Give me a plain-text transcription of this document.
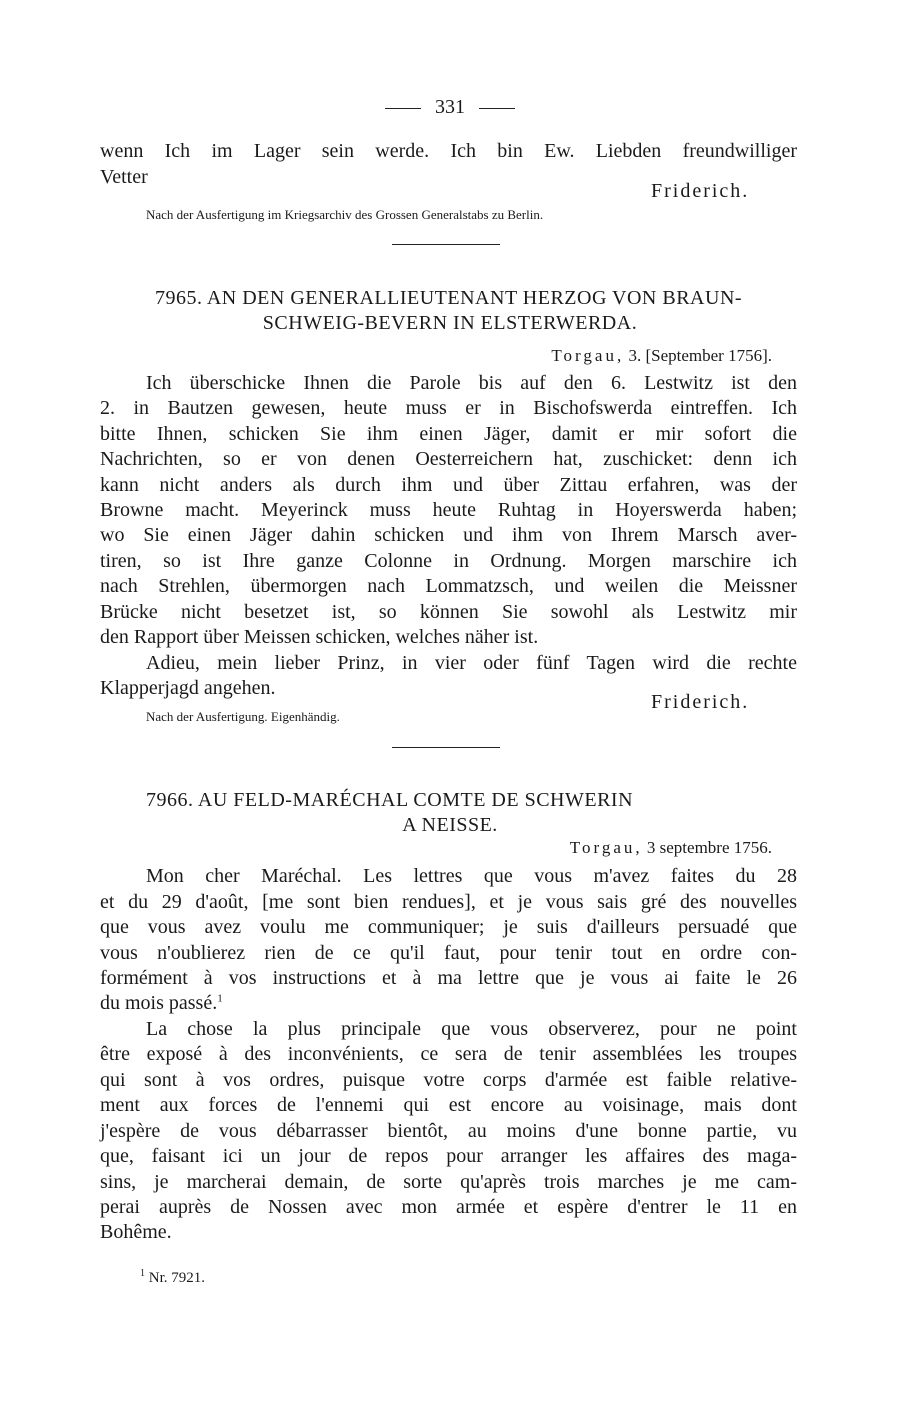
331
wenn Ich im Lager sein werde. Ich bin Ew. Liebden freundwilliger
Vetter
Friderich.
Nach der Ausfertigung im Kriegsarchiv des Grossen Generalstabs zu Berlin.
7965. AN DEN GENERALLIEUTENANT HERZOG VON BRAUN-
SCHWEIG-BEVERN IN ELSTERWERDA.
Torgau, 3. [September 1756].
Ich überschicke Ihnen die Parole bis auf den 6. Lestwitz ist den
2. in Bautzen gewesen, heute muss er in Bischofswerda eintreffen. Ich
bitte Ihnen, schicken Sie ihm einen Jäger, damit er mir sofort die
Nachrichten, so er von denen Oesterreichern hat, zuschicket: denn ich
kann nicht anders als durch ihm und über Zittau erfahren, was der
Browne macht. Meyerinck muss heute Ruhtag in Hoyerswerda haben;
wo Sie einen Jäger dahin schicken und ihm von Ihrem Marsch aver-
tiren, so ist Ihre ganze Colonne in Ordnung. Morgen marschire ich
nach Strehlen, übermorgen nach Lommatzsch, und weilen die Meissner
Brücke nicht besetzet ist, so können Sie sowohl als Lestwitz mir
den Rapport über Meissen schicken, welches näher ist.
Adieu, mein lieber Prinz, in vier oder fünf Tagen wird die rechte
Klapperjagd angehen.
Friderich.
Nach der Ausfertigung. Eigenhändig.
7966. AU FELD-MARÉCHAL COMTE DE SCHWERIN
A NEISSE.
Torgau, 3 septembre 1756.
Mon cher Maréchal. Les lettres que vous m'avez faites du 28
et du 29 d'août, [me sont bien rendues], et je vous sais gré des nouvelles
que vous avez voulu me communiquer; je suis d'ailleurs persuadé que
vous n'oublierez rien de ce qu'il faut, pour tenir tout en ordre con-
formément à vos instructions et à ma lettre que je vous ai faite le 26
du mois passé.$^1$
La chose la plus principale que vous observerez, pour ne point
être exposé à des inconvénients, ce sera de tenir assemblées les troupes
qui sont à vos ordres, puisque votre corps d'armée est faible relative-
ment aux forces de l'ennemi qui est encore au voisinage, mais dont
j'espère de vous débarrasser bientôt, au moins d'une bonne partie, vu
que, faisant ici un jour de repos pour arranger les affaires des maga-
sins, je marcherai demain, de sorte qu'après trois marches je me cam-
perai auprès de Nossen avec mon armée et espère d'entrer le 11 en
Bohême.
$^1$ Nr. 7921.
